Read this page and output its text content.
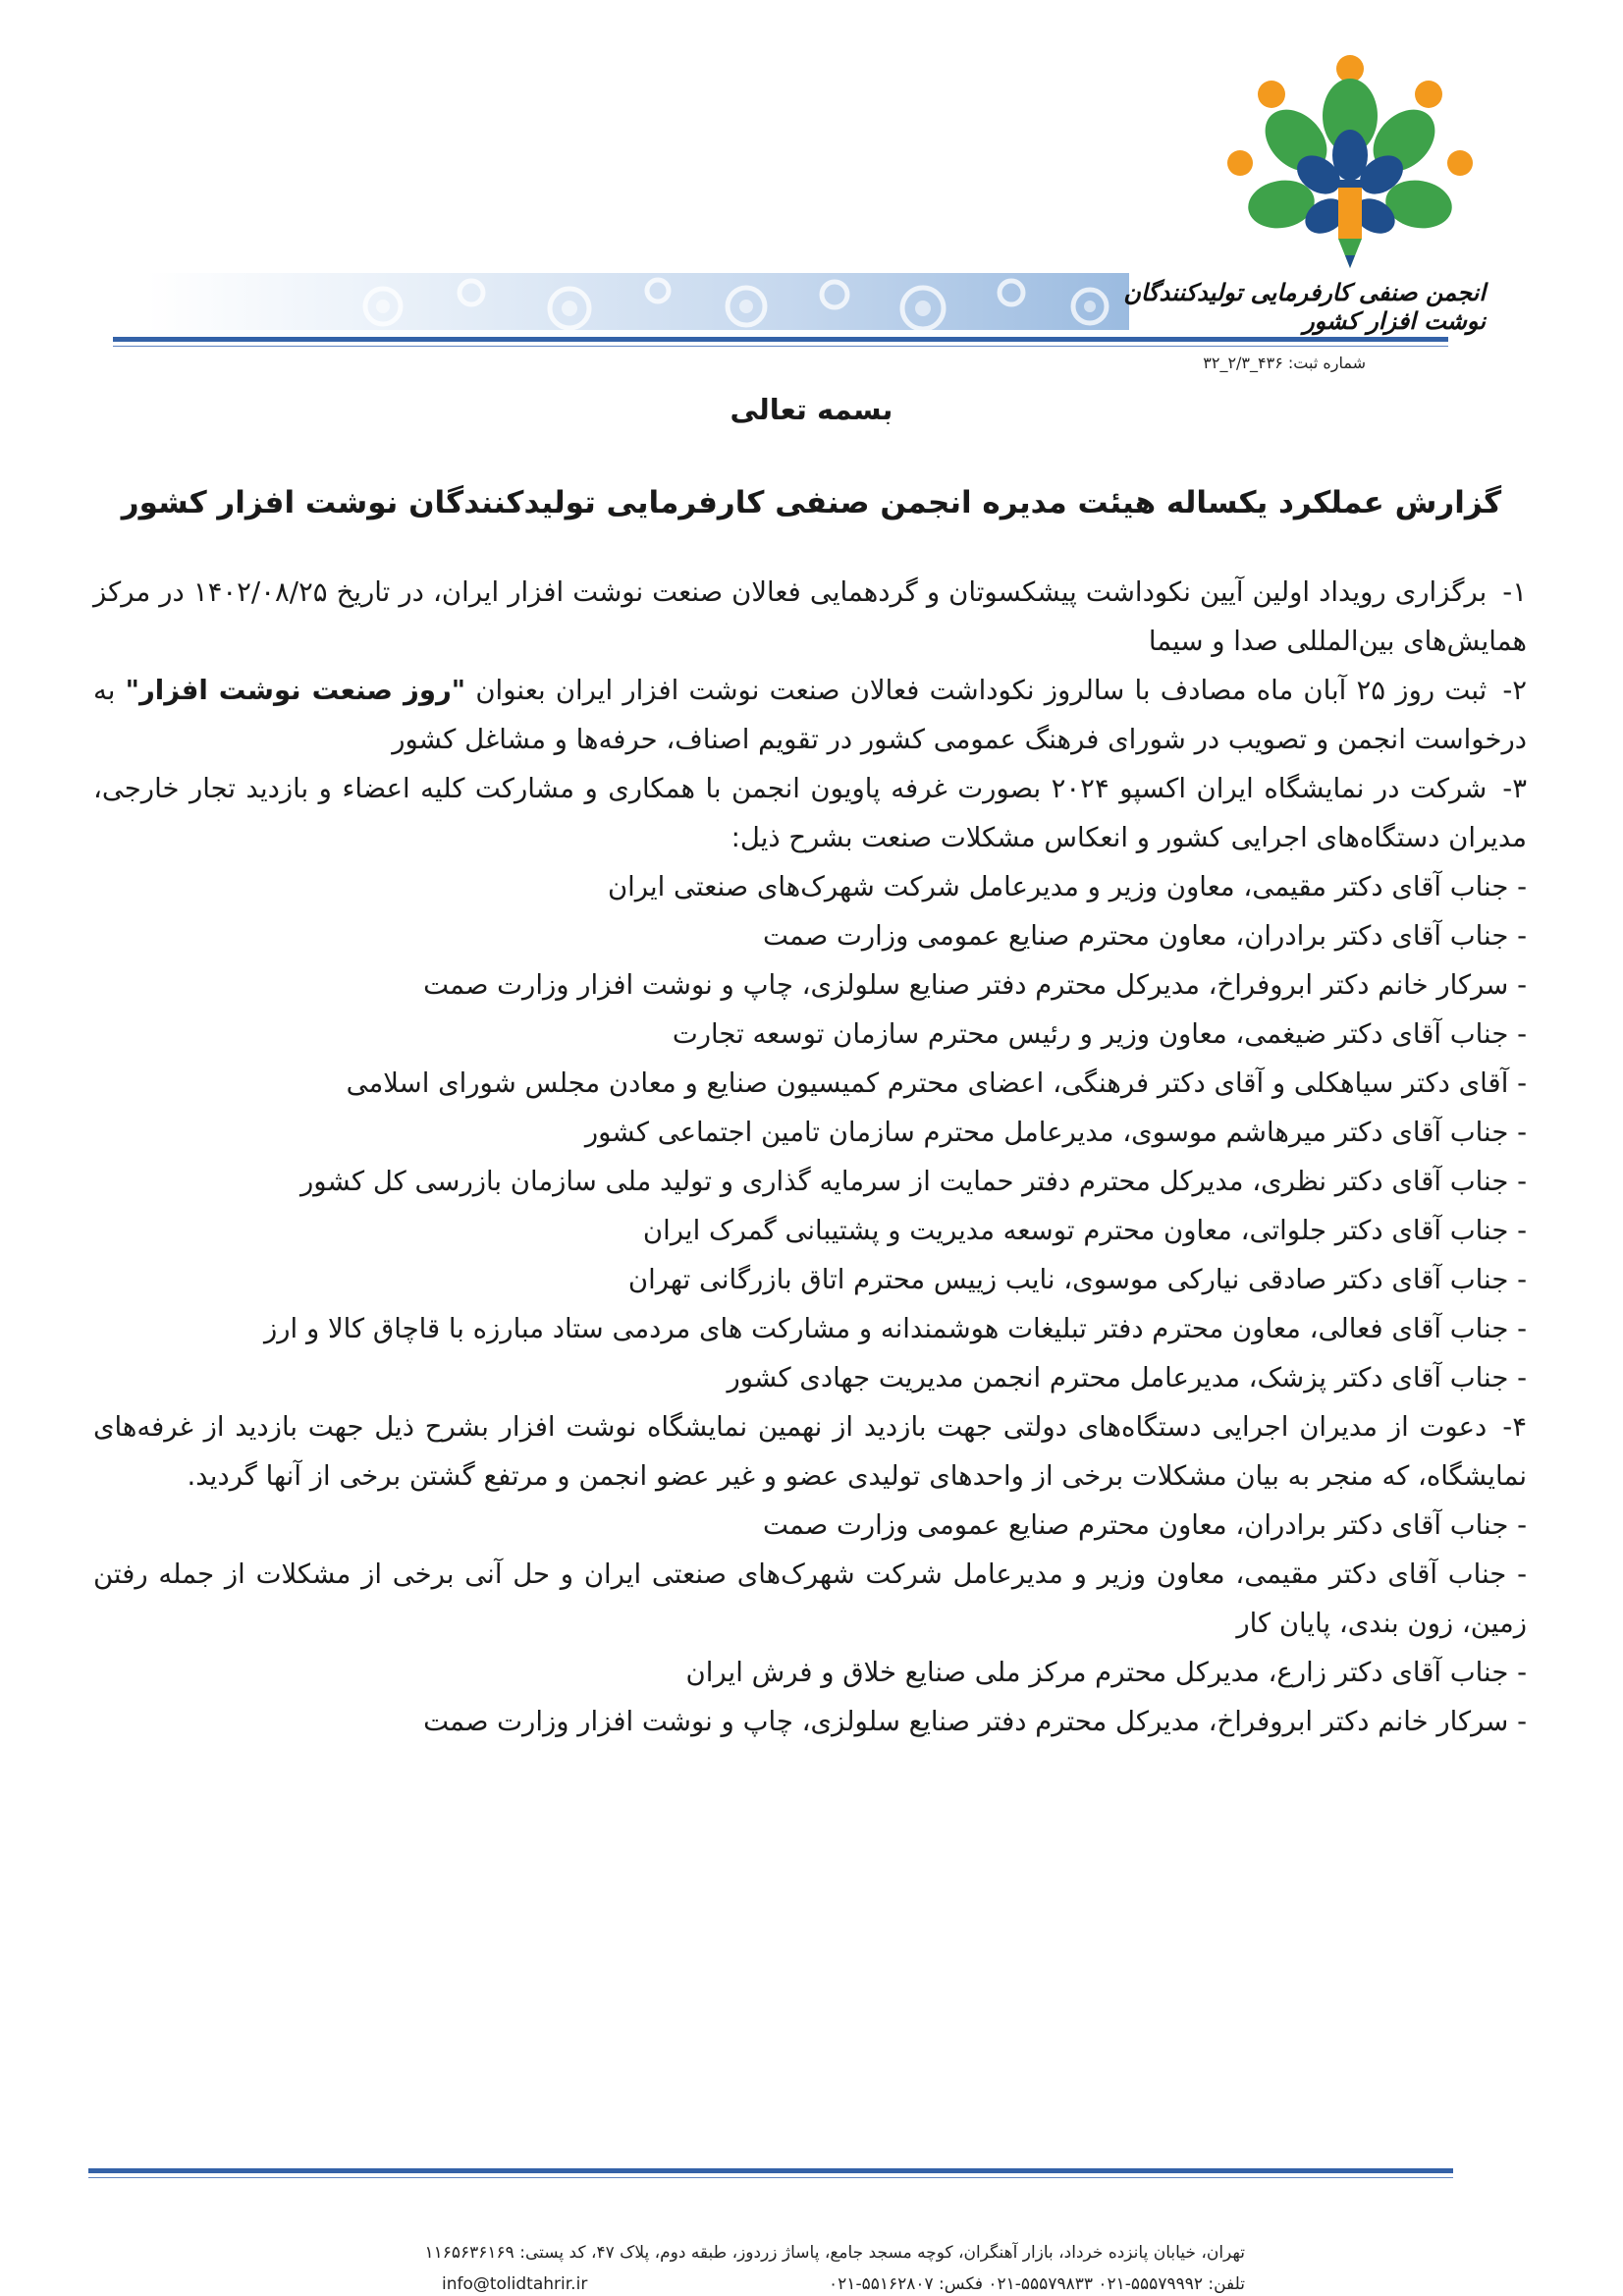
انجمن صنفی کارفرمایی تولیدکنندگان نوشت افزار کشور
شماره ثبت: ۴۳۶_۲/۳_۳۲
بسمه تعالی
گزارش عملکرد یکساله هیئت مدیره انجمن صنفی کارفرمایی تولیدکنندگان نوشت افزار کشور

۱-برگزاری رویداد اولین آیین نکوداشت پیشکسوتان و گردهمایی فعالان صنعت نوشت افزار ایران، در تاریخ ۱۴۰۲/۰۸/۲۵ در مرکز همایش‌های بین‌المللی صدا و سیما

۲-ثبت روز ۲۵ آبان ماه مصادف با سالروز نکوداشت فعالان صنعت نوشت افزار ایران بعنوان "روز صنعت نوشت افزار" به درخواست انجمن و تصویب در شورای فرهنگ عمومی کشور در تقویم اصناف، حرفه‌ها و مشاغل کشور

۳-شرکت در نمایشگاه ایران اکسپو ۲۰۲۴ بصورت غرفه پاویون انجمن با همکاری و مشارکت کلیه اعضاء و بازدید تجار خارجی، مدیران دستگاه‌های اجرایی کشور و انعکاس مشکلات صنعت بشرح ذیل:

- جناب آقای دکتر مقیمی، معاون وزیر و مدیرعامل شرکت شهرک‌های صنعتی ایران

- جناب آقای دکتر برادران، معاون محترم صنایع عمومی وزارت صمت

- سرکار خانم دکتر ابروفراخ، مدیرکل محترم دفتر صنایع سلولزی، چاپ و نوشت افزار وزارت صمت

- جناب آقای دکتر ضیغمی، معاون وزیر و رئیس محترم سازمان توسعه تجارت

- آقای دکتر سیاهکلی و آقای دکتر فرهنگی، اعضای محترم کمیسیون صنایع و معادن مجلس شورای اسلامی

- جناب آقای دکتر میرهاشم موسوی، مدیرعامل محترم سازمان تامین اجتماعی کشور

- جناب آقای دکتر نظری، مدیرکل محترم دفتر حمایت از سرمایه گذاری و تولید ملی سازمان بازرسی کل کشور

- جناب آقای دکتر جلواتی، معاون محترم توسعه مدیریت و پشتیبانی گمرک ایران

- جناب آقای دکتر صادقی نیارکی موسوی، نایب زییس محترم اتاق بازرگانی تهران

- جناب آقای فعالی، معاون محترم دفتر تبلیغات هوشمندانه و مشارکت های مردمی ستاد مبارزه با قاچاق کالا و ارز

- جناب آقای دکتر پزشک، مدیرعامل محترم انجمن مدیریت جهادی کشور

۴-دعوت از مدیران اجرایی دستگاه‌های دولتی جهت بازدید از نهمین نمایشگاه نوشت افزار بشرح ذیل جهت بازدید از غرفه‌های نمایشگاه، که منجر به بیان مشکلات برخی از واحدهای تولیدی عضو و غیر عضو انجمن و مرتفع گشتن برخی از آنها گردید.

- جناب آقای دکتر برادران، معاون محترم صنایع عمومی وزارت صمت

- جناب آقای دکتر مقیمی، معاون وزیر و مدیرعامل شرکت شهرک‌های صنعتی ایران و حل آنی برخی از مشکلات از جمله رفتن زمین، زون بندی، پایان کار

- جناب آقای دکتر زارع، مدیرکل محترم مرکز ملی صنایع خلاق و فرش ایران

- سرکار خانم دکتر ابروفراخ، مدیرکل محترم دفتر صنایع سلولزی، چاپ و نوشت افزار وزارت صمت

تهران، خیابان پانزده خرداد، بازار آهنگران، کوچه مسجد جامع، پاساژ زردوز، طبقه دوم، پلاک ۴۷، کد پستی: ۱۱۶۵۶۳۶۱۶۹
تلفن: ۵۵۵۷۹۹۹۲-۰۲۱ ۵۵۵۷۹۸۳۳-۰۲۱ فکس: ۵۵۱۶۲۸۰۷-۰۲۱
info@tolidtahrir.ir
